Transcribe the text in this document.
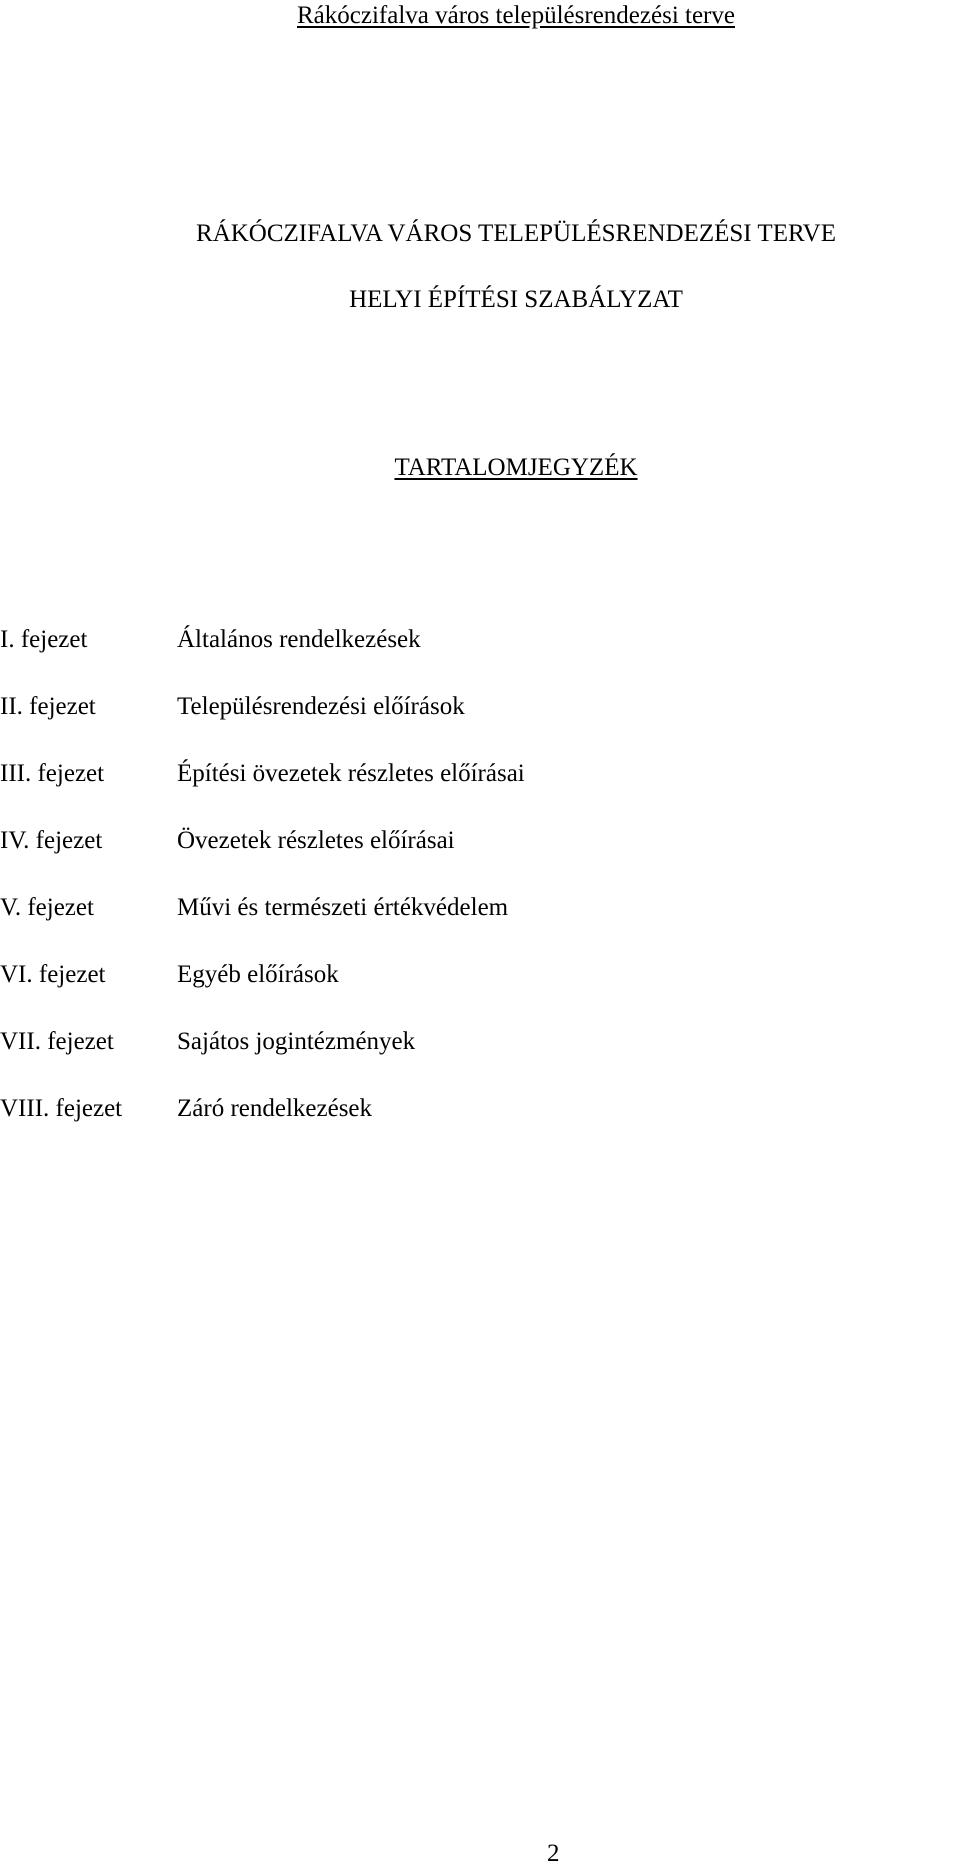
Rákóczifalva város településrendezési terve
RÁKÓCZIFALVA VÁROS TELEPÜLÉSRENDEZÉSI TERVE
HELYI ÉPÍTÉSI SZABÁLYZAT
TARTALOMJEGYZÉK
I. fejezet	Általános rendelkezések
II. fejezet	Településrendezési előírások
III. fejezet	Építési övezetek részletes előírásai
IV. fejezet	Övezetek részletes előírásai
V. fejezet	Művi és természeti értékvédelem
VI. fejezet	Egyéb előírások
VII. fejezet	Sajátos jogintézmények
VIII. fejezet Záró rendelkezések
2
